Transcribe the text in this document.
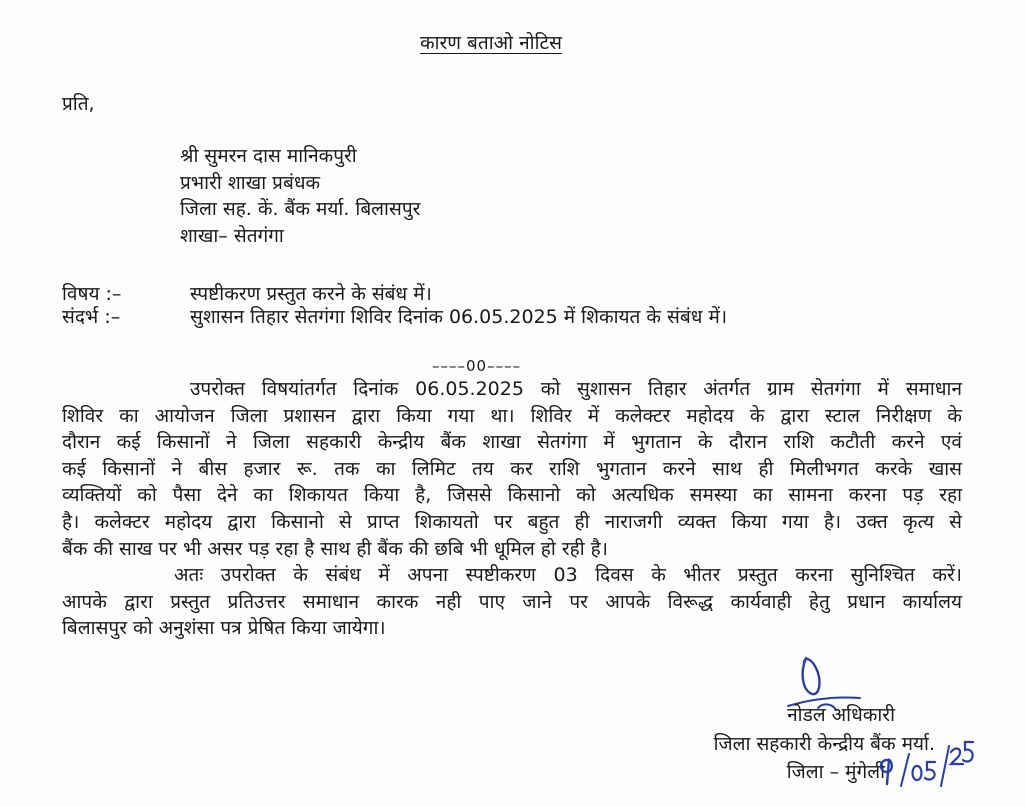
कारण बताओ नोटिस
प्रति,
श्री सुमरन दास मानिकपुरी
प्रभारी शाखा प्रबंधक
जिला सह. कें. बैंक मर्या. बिलासपुर
शाखा– सेतगंगा
विषय :–	स्पष्टीकरण प्रस्तुत करने के संबंध में।
संदर्भ :–	सुशासन तिहार सेतगंगा शिविर दिनांक 06.05.2025 में शिकायत के संबंध में।
––––00––––
उपरोक्त विषयांतर्गत दिनांक 06.05.2025 को सुशासन तिहार अंतर्गत ग्राम सेतगंगा में समाधान
शिविर का आयोजन जिला प्रशासन द्वारा किया गया था। शिविर में कलेक्टर महोदय के द्वारा स्टाल निरीक्षण के
दौरान कई किसानों ने जिला सहकारी केन्द्रीय बैंक शाखा सेतगंगा में भुगतान के दौरान राशि कटौती करने एवं
कई किसानों ने बीस हजार रू. तक का लिमिट तय कर राशि भुगतान करने साथ ही मिलीभगत करके खास
व्यक्तियों को पैसा देने का शिकायत किया है, जिससे किसानो को अत्यधिक समस्या का सामना करना पड़ रहा
है। कलेक्टर महोदय द्वारा किसानो से प्राप्त शिकायतो पर बहुत ही नाराजगी व्यक्त किया गया है। उक्त कृत्य से
बैंक की साख पर भी असर पड़ रहा है साथ ही बैंक की छबि भी धूमिल हो रही है।
अतः उपरोक्त के संबंध में अपना स्पष्टीकरण 03 दिवस के भीतर प्रस्तुत करना सुनिश्चित करें।
आपके द्वारा प्रस्तुत प्रतिउत्तर समाधान कारक नही पाए जाने पर आपके विरूद्ध कार्यवाही हेतु प्रधान कार्यालय
बिलासपुर को अनुशंसा पत्र प्रेषित किया जायेगा।
नोडल अधिकारी
जिला सहकारी केन्द्रीय बैंक मर्या.
जिला – मुंगेली
